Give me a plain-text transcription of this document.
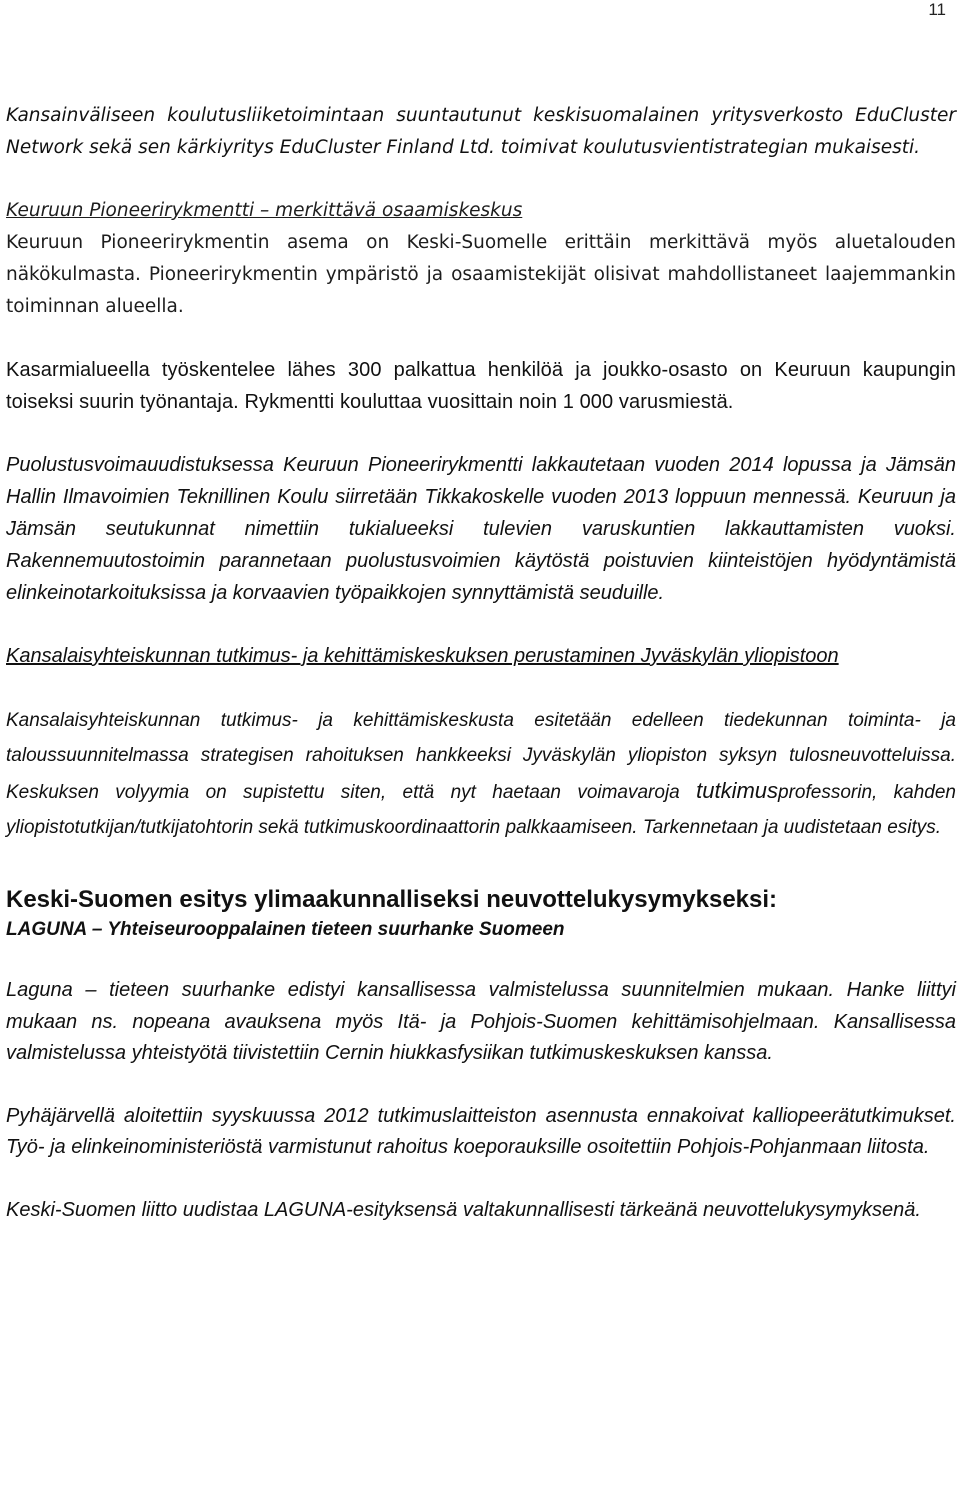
11

Kansainväliseen koulutusliiketoimintaan suuntautunut keskisuomalainen yritysverkosto EduCluster Network sekä sen kärkiyritys EduCluster Finland Ltd. toimivat koulutusvientistrategian mukaisesti.

Keuruun Pioneerirykmentti – merkittävä osaamiskeskus

Keuruun Pioneerirykmentin asema on Keski-Suomelle erittäin merkittävä myös aluetalouden näkökulmasta. Pioneerirykmentin ympäristö ja osaamistekijät olisivat mahdollistaneet laajemmankin toiminnan alueella.

Kasarmialueella työskentelee lähes 300 palkattua henkilöä ja joukko-osasto on Keuruun kaupungin toiseksi suurin työnantaja. Rykmentti kouluttaa vuosittain noin 1 000 varusmiestä.

Puolustusvoimauudistuksessa Keuruun Pioneerirykmentti lakkautetaan vuoden 2014 lopussa ja Jämsän Hallin Ilmavoimien Teknillinen Koulu siirretään Tikkakoskelle vuoden 2013 loppuun mennessä. Keuruun ja Jämsän seutukunnat nimettiin tukialueeksi tulevien varuskuntien lakkauttamisten vuoksi. Rakennemuutostoimin parannetaan puolustusvoimien käytöstä poistuvien kiinteistöjen hyödyntämistä elinkeinotarkoituksissa ja korvaavien työpaikkojen synnyttämistä seuduille.

Kansalaisyhteiskunnan tutkimus- ja kehittämiskeskuksen perustaminen Jyväskylän yliopistoon

Kansalaisyhteiskunnan tutkimus- ja kehittämiskeskusta esitetään edelleen tiedekunnan toiminta- ja taloussuunnitelmassa strategisen rahoituksen hankkeeksi Jyväskylän yliopiston syksyn tulosneuvotteluissa. Keskuksen volyymia on supistettu siten, että nyt haetaan voimavaroja tutkimusprofessorin, kahden yliopistotutkijan/tutkijatohtorin sekä tutkimuskoordinaattorin palkkaamiseen. Tarkennetaan ja uudistetaan esitys.

Keski-Suomen esitys ylimaakunnalliseksi neuvottelukysymykseksi:

LAGUNA – Yhteiseurooppalainen tieteen suurhanke Suomeen

Laguna – tieteen suurhanke edistyi kansallisessa valmistelussa suunnitelmien mukaan. Hanke liittyi mukaan ns. nopeana avauksena myös Itä- ja Pohjois-Suomen kehittämisohjelmaan. Kansallisessa valmistelussa yhteistyötä tiivistettiin Cernin hiukkasfysiikan tutkimuskeskuksen kanssa.

Pyhäjärvellä aloitettiin syyskuussa 2012 tutkimuslaitteiston asennusta ennakoivat kalliopeerätutkimukset. Työ- ja elinkeinoministeriöstä varmistunut rahoitus koeporauksille osoitettiin Pohjois-Pohjanmaan liitosta.

Keski-Suomen liitto uudistaa LAGUNA-esityksensä valtakunnallisesti tärkeänä neuvottelukysymyksenä.
